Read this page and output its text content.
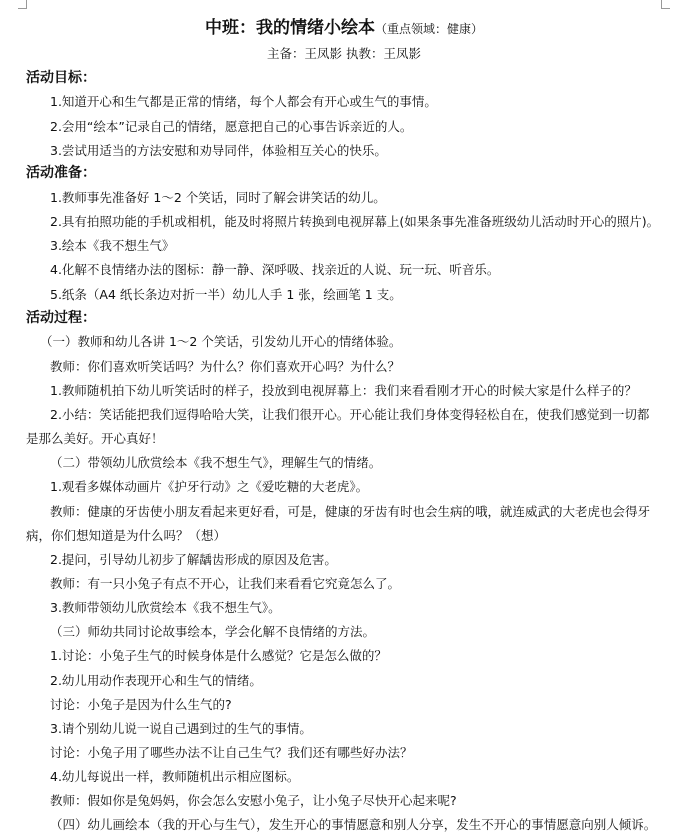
中班：我的情绪小绘本（重点领域：健康）
主备：王凤影 执教：王凤影
活动目标：
1.知道开心和生气都是正常的情绪，每个人都会有开心或生气的事情。
2.会用“绘本”记录自己的情绪，愿意把自己的心事告诉亲近的人。
3.尝试用适当的方法安慰和劝导同伴，体验相互关心的快乐。
活动准备：
1.教师事先准备好 1～2 个笑话，同时了解会讲笑话的幼儿。
2.具有拍照功能的手机或相机，能及时将照片转换到电视屏幕上(如果条事先准备班级幼儿活动时开心的照片)。
3.绘本《我不想生气》
4.化解不良情绪办法的图标：静一静、深呼吸、找亲近的人说、玩一玩、听音乐。
5.纸条（A4 纸长条边对折一半）幼儿人手 1 张，绘画笔 1 支。
活动过程：
（一）教师和幼儿各讲 1～2 个笑话，引发幼儿开心的情绪体验。
教师：你们喜欢听笑话吗？为什么？你们喜欢开心吗？为什么？
1.教师随机拍下幼儿听笑话时的样子，投放到电视屏幕上：我们来看看刚才开心的时候大家是什么样子的？
2.小结：笑话能把我们逗得哈哈大笑，让我们很开心。开心能让我们身体变得轻松自在，使我们感觉到一切都
是那么美好。开心真好！
（二）带领幼儿欣赏绘本《我不想生气》，理解生气的情绪。
1.观看多媒体动画片《护牙行动》之《爱吃糖的大老虎》。
教师：健康的牙齿使小朋友看起来更好看，可是，健康的牙齿有时也会生病的哦，就连威武的大老虎也会得牙
病，你们想知道是为什么吗？（想）
2.提问，引导幼儿初步了解龋齿形成的原因及危害。
教师：有一只小兔子有点不开心，让我们来看看它究竟怎么了。
3.教师带领幼儿欣赏绘本《我不想生气》。
（三）师幼共同讨论故事绘本，学会化解不良情绪的方法。
1.讨论：小兔子生气的时候身体是什么感觉？它是怎么做的？
2.幼儿用动作表现开心和生气的情绪。
讨论：小兔子是因为什么生气的?
3.请个别幼儿说一说自己遇到过的生气的事情。
讨论：小兔子用了哪些办法不让自己生气？我们还有哪些好办法？
4.幼儿每说出一样，教师随机出示相应图标。
教师：假如你是兔妈妈，你会怎么安慰小兔子，让小兔子尽快开心起来呢?
（四）幼儿画绘本（我的开心与生气），发生开心的事情愿意和别人分享，发生不开心的事情愿意向别人倾诉。
